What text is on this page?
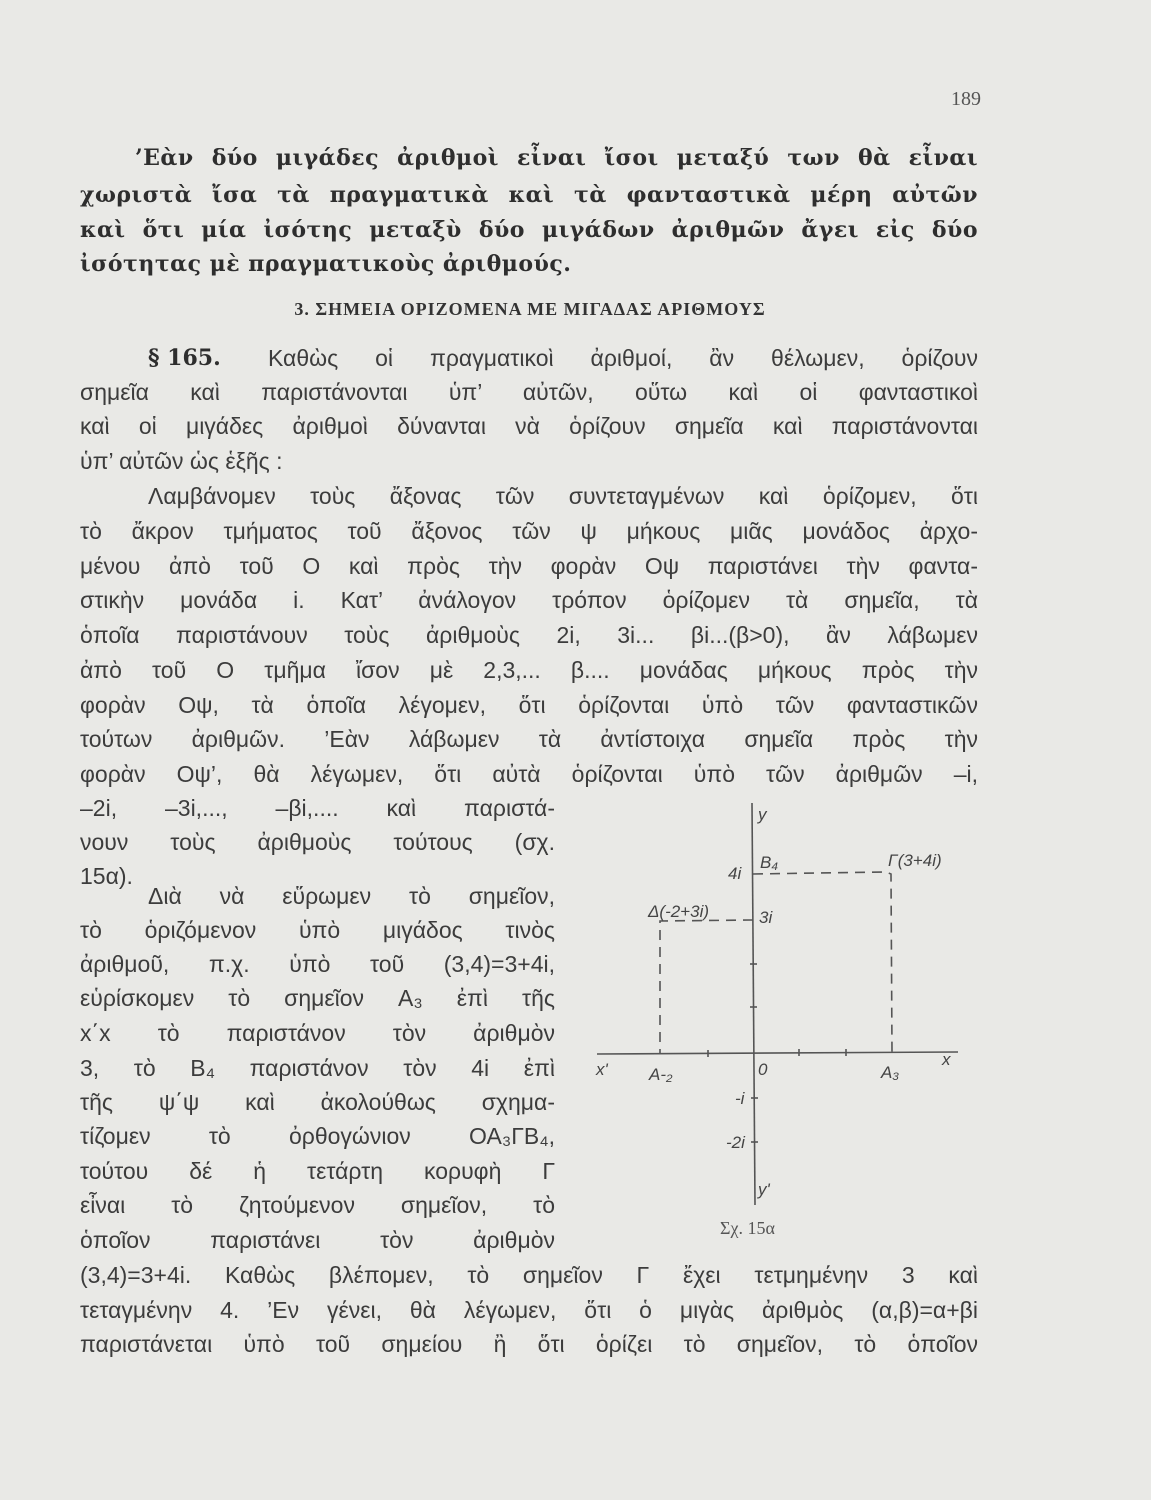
189
3. ΣΗΜΕΙΑ ΟΡΙΖΟΜΕΝΑ ΜΕ ΜΙΓΑΔΑΣ ΑΡΙΘΜΟΥΣ
’Εὰν δύο μιγάδες ἀριθμοὶ εἶναι ἴσοι μεταξύ των θὰ εἶναι
χωριστὰ ἴσα τὰ πραγματικὰ καὶ τὰ φανταστικὰ μέρη αὐτῶν
καὶ ὅτι μία ἰσότης μεταξὺ δύο μιγάδων ἀριθμῶν ἄγει εἰς δύο
ἰσότητας μὲ πραγματικοὺς ἀριθμούς.
§ 165. Καθὼς οἱ πραγματικοὶ ἀριθμοί, ἂν θέλωμεν, ὁρίζουν
σημεῖα καὶ παριστάνονται ὑπ’ αὐτῶν, οὕτω καὶ οἱ φανταστικοὶ
καὶ οἱ μιγάδες ἀριθμοὶ δύνανται νὰ ὁρίζουν σημεῖα καὶ παριστάνονται
ὑπ’ αὐτῶν ὡς ἑξῆς :
Λαμβάνομεν τοὺς ἄξονας τῶν συντεταγμένων καὶ ὁρίζομεν, ὅτι
τὸ ἄκρον τμήματος τοῦ ἄξονος τῶν ψ μήκους μιᾶς μονάδος ἀρχο-
μένου ἀπὸ τοῦ Ο καὶ πρὸς τὴν φορὰν Οψ παριστάνει τὴν φαντα-
στικὴν μονάδα i. Κατ’ ἀνάλογον τρόπον ὁρίζομεν τὰ σημεῖα, τὰ
ὁποῖα παριστάνουν τοὺς ἀριθμοὺς 2i, 3i... βi...(β>0), ἂν λάβωμεν
ἀπὸ τοῦ Ο τμῆμα ἴσον μὲ 2,3,... β.... μονάδας μήκους πρὸς τὴν
φορὰν Οψ, τὰ ὁποῖα λέγομεν, ὅτι ὁρίζονται ὑπὸ τῶν φανταστικῶν
τούτων ἀριθμῶν. ’Εὰν λάβωμεν τὰ ἀντίστοιχα σημεῖα πρὸς τὴν
φορὰν Οψ’, θὰ λέγωμεν, ὅτι αὐτὰ ὁρίζονται ὑπὸ τῶν ἀριθμῶν –i,
–2i, –3i,..., –βi,.... καὶ παριστά-
νουν τοὺς ἀριθμοὺς τούτους (σχ.
15α).
Διὰ νὰ εὕρωμεν τὸ σημεῖον,
τὸ ὁριζόμενον ὑπὸ μιγάδος τινὸς
ἀριθμοῦ, π.χ. ὑπὸ τοῦ (3,4)=3+4i,
εὑρίσκομεν τὸ σημεῖον A₃ ἐπὶ τῆς
x΄x τὸ παριστάνον τὸν ἀριθμὸν
3, τὸ B₄ παριστάνον τὸν 4i ἐπὶ
τῆς ψ΄ψ καὶ ἀκολούθως σχημα-
τίζομεν τὸ ὀρθογώνιον ΟΑ₃ΓΒ₄,
τούτου δέ ἡ τετάρτη κορυφὴ Γ
εἶναι τὸ ζητούμενον σημεῖον, τὸ
ὁποῖον παριστάνει τὸν ἀριθμὸν
(3,4)=3+4i. Καθὼς βλέπομεν, τὸ σημεῖον Γ ἔχει τετμημένην 3 καὶ
τεταγμένην 4. ’Εν γένει, θὰ λέγωμεν, ὅτι ὁ μιγὰς ἀριθμὸς (α,β)=α+βi
παριστάνεται ὑπὸ τοῦ σημείου ἢ ὅτι ὁρίζει τὸ σημεῖον, τὸ ὁποῖον
y
y'
x
x'	0	A₃
A-₂
B₄
4i
3i
-i
-2i
Γ(3+4i)
Δ(-2+3i)
Σχ. 15α
